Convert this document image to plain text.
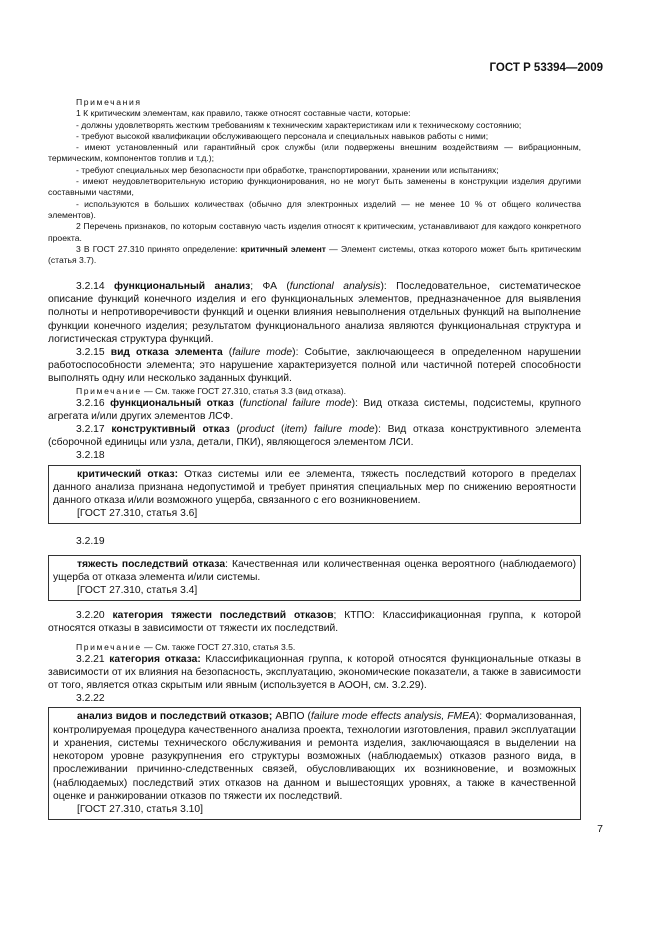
ГОСТ Р 53394—2009

Примечания

1 К критическим элементам, как правило, также относят составные части, которые:

- должны удовлетворять жестким требованиям к техническим характеристикам или к техническому состоянию;

- требуют высокой квалификации обслуживающего персонала и специальных навыков работы с ними;

- имеют установленный или гарантийный срок службы (или подвержены внешним воздействиям — вибрационным, термическим, компонентов топлив и т.д.);

- требуют специальных мер безопасности при обработке, транспортировании, хранении или испытаниях;

- имеют неудовлетворительную историю функционирования, но не могут быть заменены в конструкции изделия другими составными частями,

- используются в больших количествах (обычно для электронных изделий — не менее 10 % от общего количества элементов).

2 Перечень признаков, по которым составную часть изделия относят к критическим, устанавливают для каждого конкретного проекта.

3 В ГОСТ 27.310 принято определение: критичный элемент — Элемент системы, отказ которого может быть критическим (статья 3.7).

3.2.14 функциональный анализ; ФА (functional analysis): Последовательное, систематическое описание функций конечного изделия и его функциональных элементов, предназначенное для выявления полноты и непротиворечивости функций и оценки влияния невыполнения отдельных функций на выполнение функции конечного изделия; результатом функционального анализа являются функциональная структура и логистическая структура функций.

3.2.15 вид отказа элемента (failure mode): Событие, заключающееся в определенном нарушении работоспособности элемента; это нарушение характеризуется полной или частичной потерей способности выполнять одну или несколько заданных функций.

Примечание — См. также ГОСТ 27.310, статья 3.3 (вид отказа).

3.2.16 функциональный отказ (functional failure mode): Вид отказа системы, подсистемы, крупного агрегата и/или других элементов ЛСФ.

3.2.17 конструктивный отказ (product (item) failure mode): Вид отказа конструктивного элемента (сборочной единицы или узла, детали, ПКИ), являющегося элементом ЛСИ.

3.2.18

критический отказ: Отказ системы или ее элемента, тяжесть последствий которого в пределах данного анализа признана недопустимой и требует принятия специальных мер по снижению вероятности данного отказа и/или возможного ущерба, связанного с его возникновением.

[ГОСТ 27.310, статья 3.6]

3.2.19

тяжесть последствий отказа: Качественная или количественная оценка вероятного (наблюдаемого) ущерба от отказа элемента и/или системы.

[ГОСТ 27.310, статья 3.4]

3.2.20 категория тяжести последствий отказов; КТПО: Классификационная группа, к которой относятся отказы в зависимости от тяжести их последствий.

Примечание — См. также ГОСТ 27.310, статья 3.5.

3.2.21 категория отказа: Классификационная группа, к которой относятся функциональные отказы в зависимости от их влияния на безопасность, эксплуатацию, экономические показатели, а также в зависимости от того, является отказ скрытым или явным (используется в АООН, см. 3.2.29).

3.2.22

анализ видов и последствий отказов; АВПО (failure mode effects analysis, FMEA): Формализованная, контролируемая процедура качественного анализа проекта, технологии изготовления, правил эксплуатации и хранения, системы технического обслуживания и ремонта изделия, заключающаяся в выделении на некотором уровне разукрупнения его структуры возможных (наблюдаемых) отказов разного вида, в прослеживании причинно-следственных связей, обусловливающих их возникновение, и возможных (наблюдаемых) последствий этих отказов на данном и вышестоящих уровнях, а также в качественной оценке и ранжировании отказов по тяжести их последствий.

[ГОСТ 27.310, статья 3.10]

7
